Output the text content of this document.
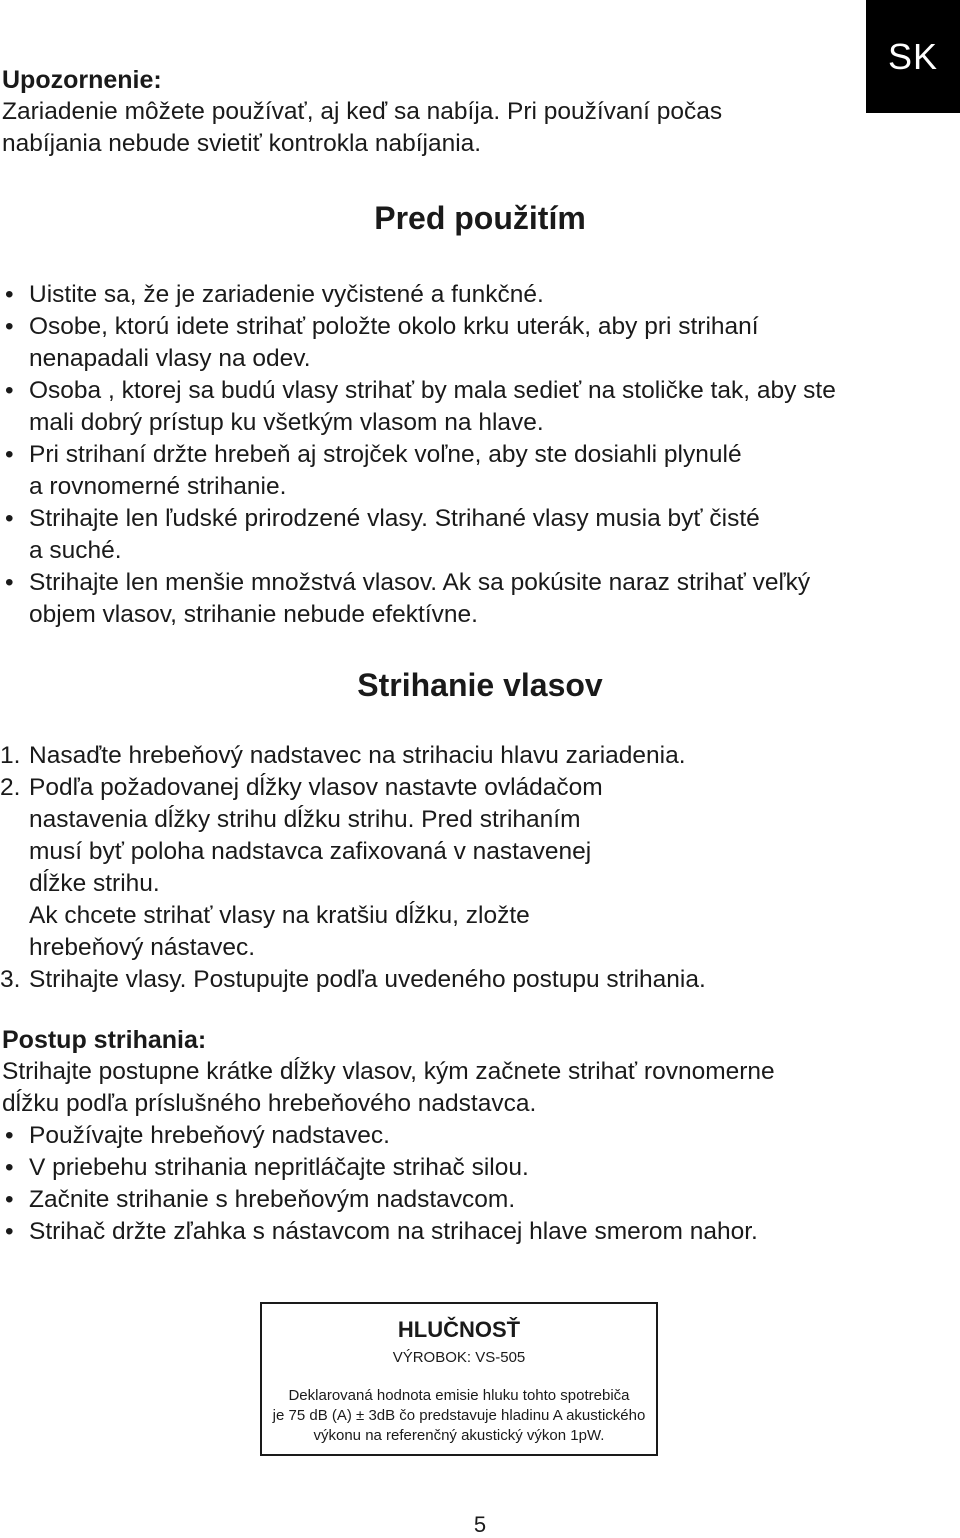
SK
Upozornenie:
Zariadenie môžete používať, aj keď sa nabíja. Pri používaní počas
nabíjania nebude svietiť kontrokla nabíjania.
Pred použitím
• Uistite sa, že je zariadenie vyčistené a funkčné.
• Osobe, ktorú idete strihať položte okolo krku uterák, aby pri strihaní
nenapadali vlasy na odev.
• Osoba , ktorej sa budú vlasy strihať by mala sedieť na stoličke tak, aby ste
mali dobrý prístup ku všetkým vlasom na hlave.
• Pri strihaní držte hrebeň aj strojček voľne, aby ste dosiahli plynulé
a rovnomerné strihanie.
• Strihajte len ľudské prirodzené vlasy. Strihané vlasy musia byť čisté
a suché.
• Strihajte len menšie množstvá vlasov. Ak sa pokúsite naraz strihať veľký
objem vlasov, strihanie nebude efektívne.
Strihanie vlasov
1. Nasaďte hrebeňový nadstavec na strihaciu hlavu zariadenia.

2. Podľa požadovanej dĺžky vlasov nastavte ovládačom

nastavenia dĺžky strihu dĺžku strihu. Pred strihaním

musí byť poloha nadstavca zafixovaná v nastavenej

dĺžke strihu.

Ak chcete strihať vlasy na kratšiu dĺžku, zložte

hrebeňový nástavec.

3. Strihajte vlasy. Postupujte podľa uvedeného postupu strihania.

Postup strihania:
Strihajte postupne krátke dĺžky vlasov, kým začnete strihať rovnomerne
dĺžku podľa príslušného hrebeňového nadstavca.
• Používajte hrebeňový nadstavec.
• V priebehu strihania nepritláčajte strihač silou.
• Začnite strihanie s hrebeňovým nadstavcom.
• Strihač držte zľahka s nástavcom na strihacej hlave smerom nahor.
HLUČNOSŤ
VÝROBOK: VS-505
Deklarovaná hodnota emisie hluku tohto spotrebiča
je 75 dB (A) ± 3dB čo predstavuje hladinu A akustického
výkonu na referenčný akustický výkon 1pW.
5
